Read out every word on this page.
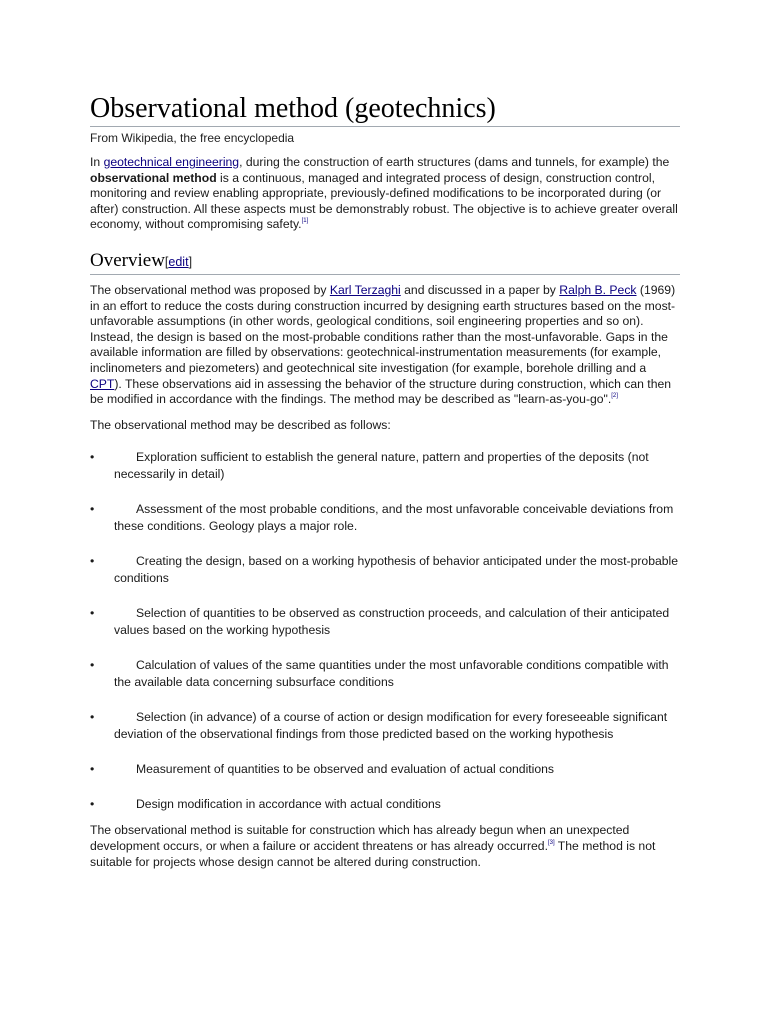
Observational method (geotechnics)
From Wikipedia, the free encyclopedia

In geotechnical engineering, during the construction of earth structures (dams and tunnels, for example) the observational method is a continuous, managed and integrated process of design, construction control, monitoring and review enabling appropriate, previously-defined modifications to be incorporated during (or after) construction. All these aspects must be demonstrably robust. The objective is to achieve greater overall economy, without compromising safety.[1]

Overview[edit]

The observational method was proposed by Karl Terzaghi and discussed in a paper by Ralph B. Peck (1969) in an effort to reduce the costs during construction incurred by designing earth structures based on the most-unfavorable assumptions (in other words, geological conditions, soil engineering properties and so on). Instead, the design is based on the most-probable conditions rather than the most-unfavorable. Gaps in the available information are filled by observations: geotechnical-instrumentation measurements (for example, inclinometers and piezometers) and geotechnical site investigation (for example, borehole drilling and a CPT). These observations aid in assessing the behavior of the structure during construction, which can then be modified in accordance with the findings. The method may be described as "learn-as-you-go".[2]

The observational method may be described as follows:

•	Exploration sufficient to establish the general nature, pattern and properties of the deposits (not necessarily in detail)
•	Assessment of the most probable conditions, and the most unfavorable conceivable deviations from these conditions. Geology plays a major role.
•	Creating the design, based on a working hypothesis of behavior anticipated under the most-probable conditions
•	Selection of quantities to be observed as construction proceeds, and calculation of their anticipated values based on the working hypothesis
•	Calculation of values of the same quantities under the most unfavorable conditions compatible with the available data concerning subsurface conditions
•	Selection (in advance) of a course of action or design modification for every foreseeable significant deviation of the observational findings from those predicted based on the working hypothesis
•	Measurement of quantities to be observed and evaluation of actual conditions
•	Design modification in accordance with actual conditions

The observational method is suitable for construction which has already begun when an unexpected development occurs, or when a failure or accident threatens or has already occurred.[3] The method is not suitable for projects whose design cannot be altered during construction.
